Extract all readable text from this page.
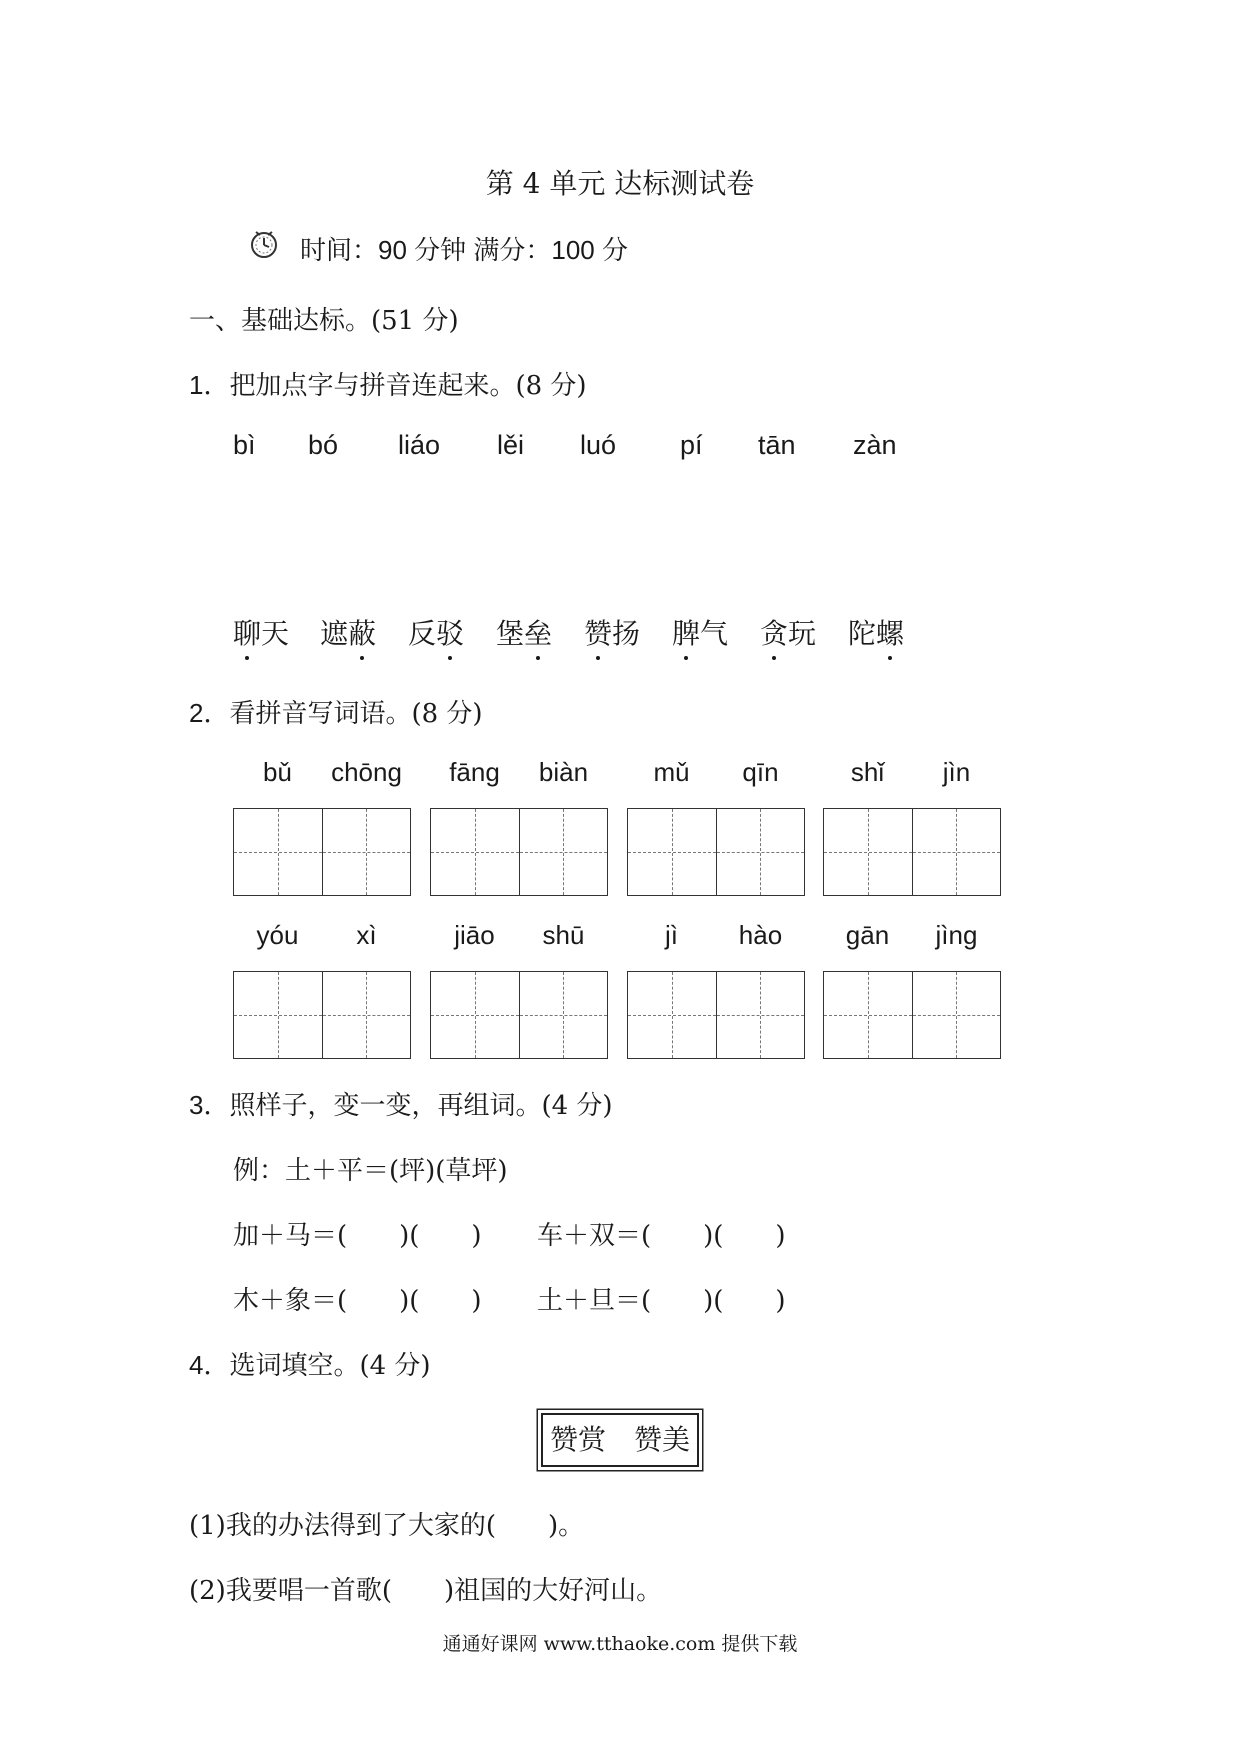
第 4 单元 达标测试卷
时间：90 分钟 满分：100 分
一、基础达标。(51 分)
1．把加点字与拼音连起来。(8 分)
bì bó liáo lěi luó pí tān zàn
聊天 遮蔽 反驳 堡垒 赞扬 脾气 贪玩 陀螺
2．看拼音写词语。(8 分)
bǔ	chōng	fāng	biàn	mǔ	qīn	shǐ	jìn
yóu	xì	jiāo	shū	jì	hào	gān	jìng
3．照样子，变一变，再组词。(4 分)
例：土＋平＝(坪)(草坪)
加＋马＝(　　)(　　) 车＋双＝(　　)(　　)
木＋象＝(　　)(　　) 土＋旦＝(　　)(　　)
4．选词填空。(4 分)
赞赏　赞美
(1)我的办法得到了大家的(　　)。
(2)我要唱一首歌(　　)祖国的大好河山。
通通好课网 www.tthaoke.com 提供下载
